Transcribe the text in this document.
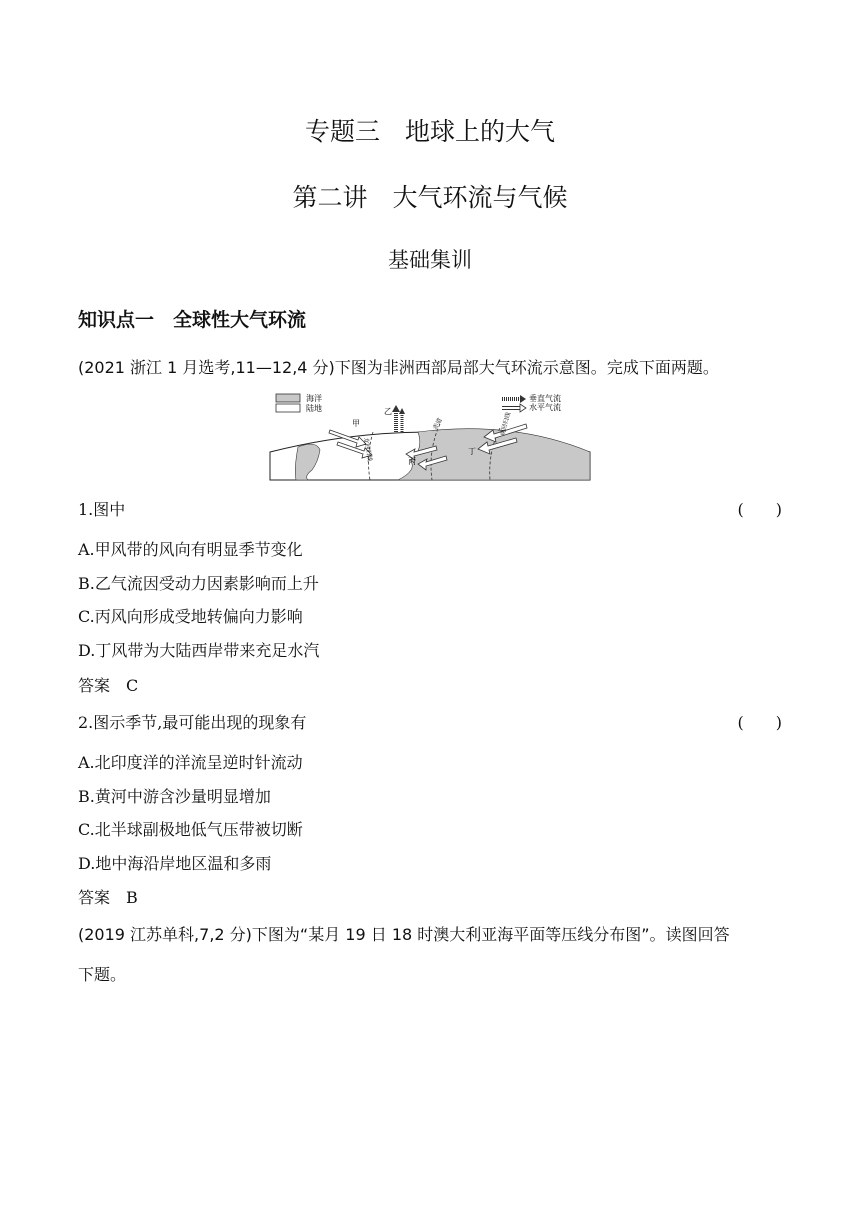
专题三　地球上的大气
第二讲　大气环流与气候
基础集训
知识点一　全球性大气环流
(2021 浙江 1 月选考,11—12,4 分)下图为非洲西部局部大气环流示意图。完成下面两题。
海洋
陆地
垂直气流
水平气流
甲
乙
丙
丁
北回归线
赤道	南回归线
1.图中	(　　)
A.甲风带的风向有明显季节变化
B.乙气流因受动力因素影响而上升
C.丙风向形成受地转偏向力影响
D.丁风带为大陆西岸带来充足水汽
答案　C
2.图示季节,最可能出现的现象有	(　　)
A.北印度洋的洋流呈逆时针流动
B.黄河中游含沙量明显增加
C.北半球副极地低气压带被切断
D.地中海沿岸地区温和多雨
答案　B
(2019 江苏单科,7,2 分)下图为“某月 19 日 18 时澳大利亚海平面等压线分布图”。读图回答
下题。
